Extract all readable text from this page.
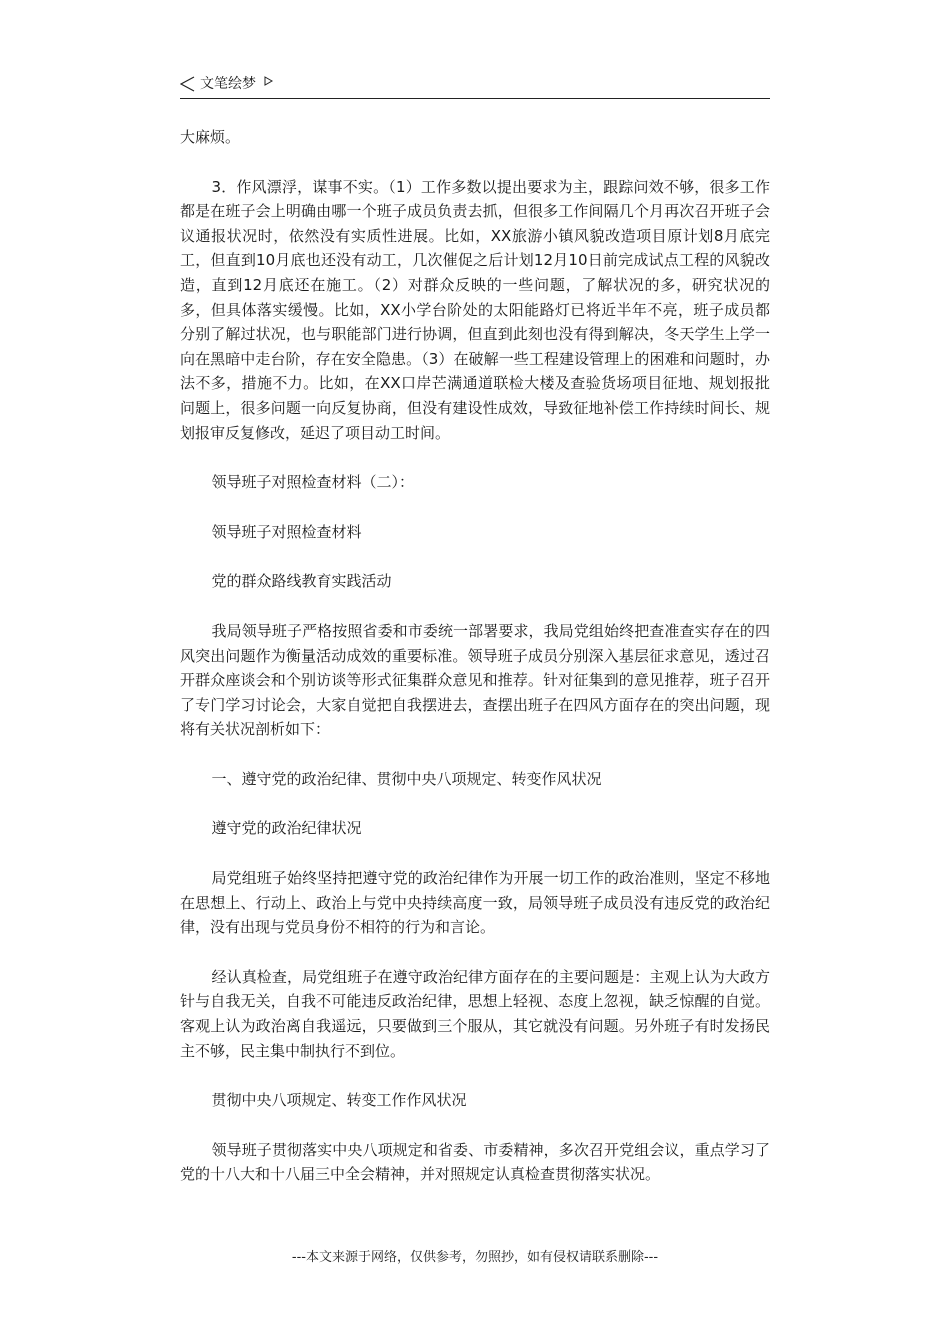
文笔绘梦

大麻烦。

3．作风漂浮，谋事不实。（1）工作多数以提出要求为主，跟踪问效不够，很多工作都是在班子会上明确由哪一个班子成员负责去抓，但很多工作间隔几个月再次召开班子会议通报状况时，依然没有实质性进展。比如，XX旅游小镇风貌改造项目原计划8月底完工，但直到10月底也还没有动工，几次催促之后计划12月10日前完成试点工程的风貌改造，直到12月底还在施工。（2）对群众反映的一些问题，了解状况的多，研究状况的多，但具体落实缓慢。比如，XX小学台阶处的太阳能路灯已将近半年不亮，班子成员都分别了解过状况，也与职能部门进行协调，但直到此刻也没有得到解决，冬天学生上学一向在黑暗中走台阶，存在安全隐患。（3）在破解一些工程建设管理上的困难和问题时，办法不多，措施不力。比如，在XX口岸芒满通道联检大楼及查验货场项目征地、规划报批问题上，很多问题一向反复协商，但没有建设性成效，导致征地补偿工作持续时间长、规划报审反复修改，延迟了项目动工时间。

领导班子对照检查材料（二）：

领导班子对照检查材料

党的群众路线教育实践活动

我局领导班子严格按照省委和市委统一部署要求，我局党组始终把查准查实存在的四风突出问题作为衡量活动成效的重要标准。领导班子成员分别深入基层征求意见，透过召开群众座谈会和个别访谈等形式征集群众意见和推荐。针对征集到的意见推荐，班子召开了专门学习讨论会，大家自觉把自我摆进去，查摆出班子在四风方面存在的突出问题，现将有关状况剖析如下：

一、遵守党的政治纪律、贯彻中央八项规定、转变作风状况

遵守党的政治纪律状况

局党组班子始终坚持把遵守党的政治纪律作为开展一切工作的政治准则，坚定不移地在思想上、行动上、政治上与党中央持续高度一致，局领导班子成员没有违反党的政治纪律，没有出现与党员身份不相符的行为和言论。

经认真检查，局党组班子在遵守政治纪律方面存在的主要问题是：主观上认为大政方针与自我无关，自我不可能违反政治纪律，思想上轻视、态度上忽视，缺乏惊醒的自觉。客观上认为政治离自我遥远，只要做到三个服从，其它就没有问题。另外班子有时发扬民主不够，民主集中制执行不到位。

贯彻中央八项规定、转变工作作风状况

领导班子贯彻落实中央八项规定和省委、市委精神，多次召开党组会议，重点学习了党的十八大和十八届三中全会精神，并对照规定认真检查贯彻落实状况。

---本文来源于网络，仅供参考，勿照抄，如有侵权请联系删除---
